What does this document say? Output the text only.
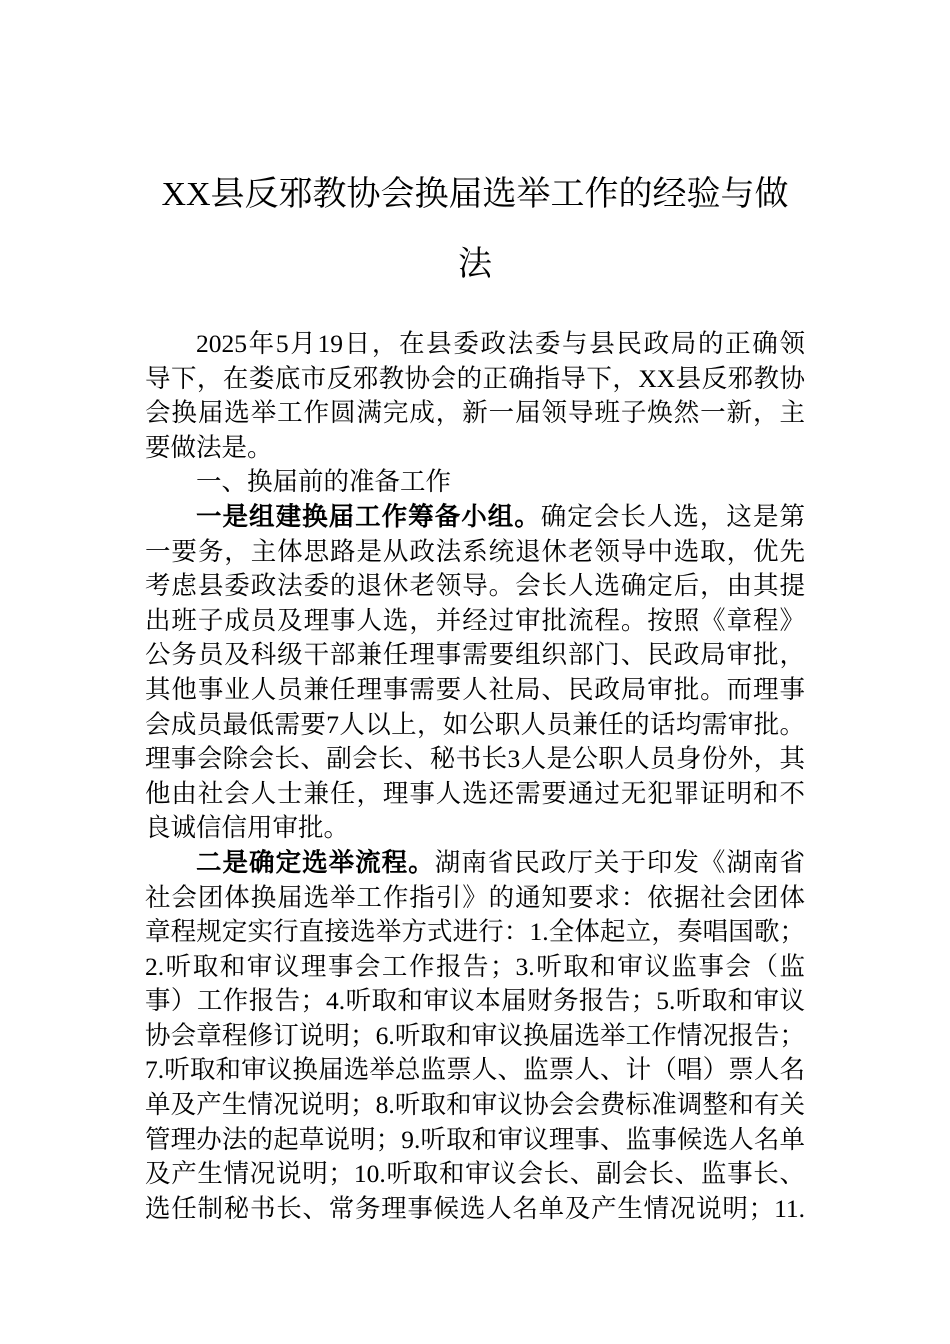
XX县反邪教协会换届选举工作的经验与做
法
2025年5月19日，在县委政法委与县民政局的正确领
导下，在娄底市反邪教协会的正确指导下，XX县反邪教协
会换届选举工作圆满完成，新一届领导班子焕然一新，主
要做法是。
一、换届前的准备工作
一是组建换届工作筹备小组。确定会长人选，这是第
一要务，主体思路是从政法系统退休老领导中选取，优先
考虑县委政法委的退休老领导。会长人选确定后，由其提
出班子成员及理事人选，并经过审批流程。按照《章程》
公务员及科级干部兼任理事需要组织部门、民政局审批，
其他事业人员兼任理事需要人社局、民政局审批。而理事
会成员最低需要7人以上，如公职人员兼任的话均需审批。
理事会除会长、副会长、秘书长3人是公职人员身份外，其
他由社会人士兼任，理事人选还需要通过无犯罪证明和不
良诚信信用审批。
二是确定选举流程。湖南省民政厅关于印发《湖南省
社会团体换届选举工作指引》的通知要求：依据社会团体
章程规定实行直接选举方式进行：1.全体起立，奏唱国歌；
2.听取和审议理事会工作报告；3.听取和审议监事会（监
事）工作报告；4.听取和审议本届财务报告；5.听取和审议
协会章程修订说明；6.听取和审议换届选举工作情况报告；
7.听取和审议换届选举总监票人、监票人、计（唱）票人名
单及产生情况说明；8.听取和审议协会会费标准调整和有关
管理办法的起草说明；9.听取和审议理事、监事候选人名单
及产生情况说明；10.听取和审议会长、副会长、监事长、
选任制秘书长、常务理事候选人名单及产生情况说明；11.
